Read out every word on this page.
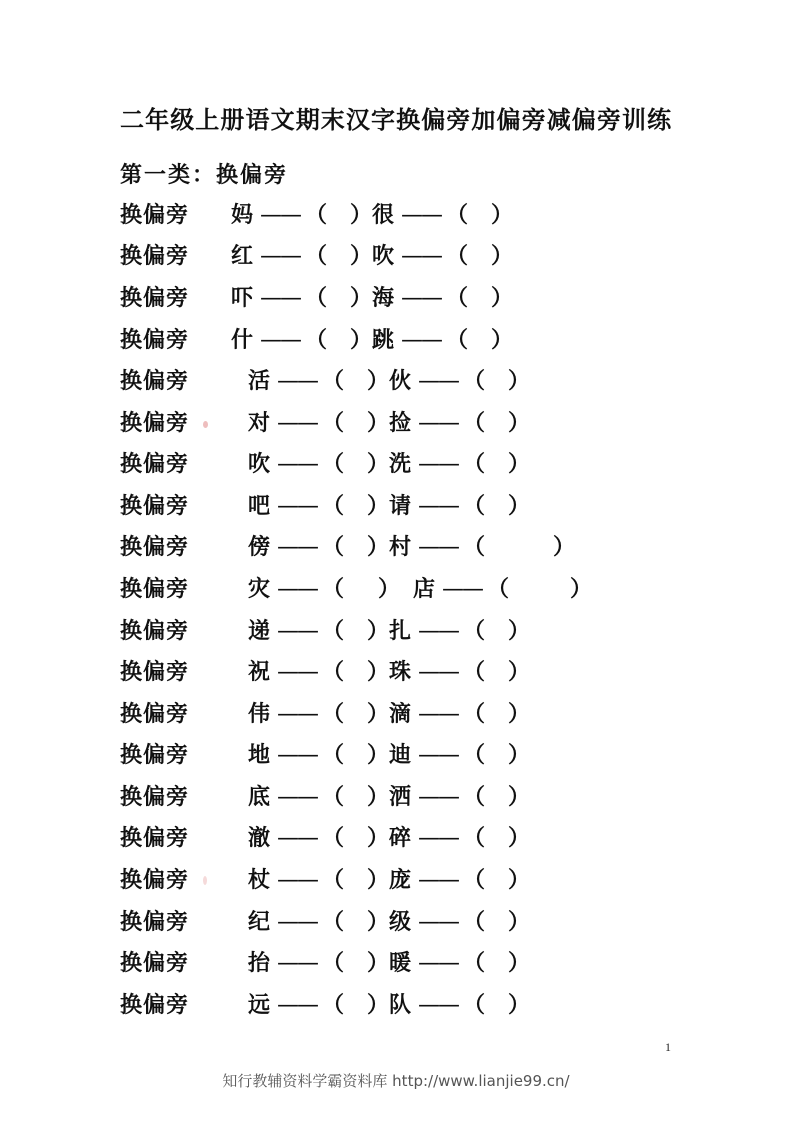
二年级上册语文期末汉字换偏旁加偏旁减偏旁训练
第一类：换偏旁
换偏旁 妈 —— （ ） 很 —— （ ）
换偏旁 红 —— （ ） 吹 —— （ ）
换偏旁 吓 —— （ ） 海 —— （ ）
换偏旁 什 —— （ ） 跳 —— （ ）
换偏旁	活 —— （ ） 伙 —— （ ）
换偏旁	对 —— （ ） 捡 —— （ ）
换偏旁	吹 —— （ ） 洗 —— （ ）
换偏旁	吧 —— （ ） 请 —— （ ）
换偏旁	傍 —— （ ） 村 —— （	）
换偏旁	灾 —— （ ） 店 —— （	）
换偏旁	递 —— （ ） 扎 —— （ ）
换偏旁	祝 —— （ ） 珠 —— （ ）
换偏旁	伟 —— （ ） 滴 —— （ ）
换偏旁	地 —— （ ） 迪 —— （ ）
换偏旁	底 —— （ ） 洒 —— （ ）
换偏旁	澈 —— （ ） 碎 —— （ ）
换偏旁	杖 —— （ ） 庞 —— （ ）
换偏旁	纪 —— （ ） 级 —— （ ）
换偏旁	抬 —— （ ） 暖 —— （ ）
换偏旁	远 —— （ ） 队 —— （ ）
1
知行教辅资料学霸资料库 http://www.lianjie99.cn/
